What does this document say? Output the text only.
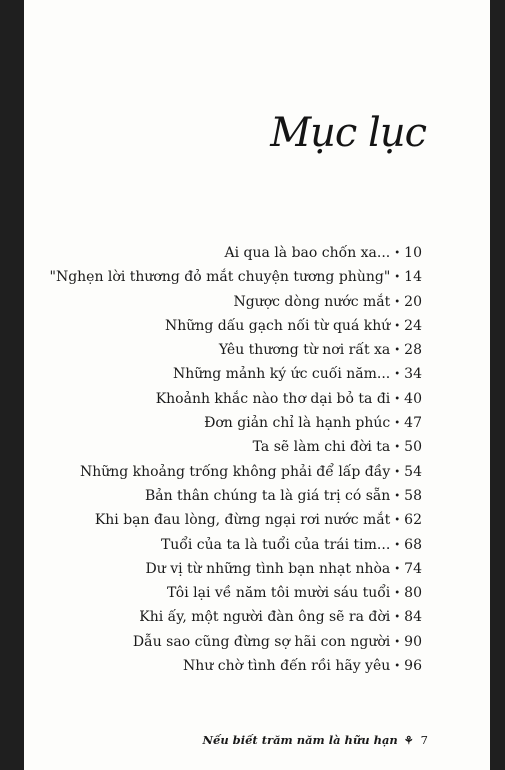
Mục lục
Ai qua là bao chốn xa... • 10
"Nghẹn lời thương đỏ mắt chuyện tương phùng" • 14
Ngược dòng nước mắt • 20
Những dấu gạch nối từ quá khứ • 24
Yêu thương từ nơi rất xa • 28
Những mảnh ký ức cuối năm... • 34
Khoảnh khắc nào thơ dại bỏ ta đi • 40
Đơn giản chỉ là hạnh phúc • 47
Ta sẽ làm chi đời ta • 50
Những khoảng trống không phải để lấp đầy • 54
Bản thân chúng ta là giá trị có sẵn • 58
Khi bạn đau lòng, đừng ngại rơi nước mắt • 62
Tuổi của ta là tuổi của trái tim... • 68
Dư vị từ những tình bạn nhạt nhòa • 74
Tôi lại về năm tôi mười sáu tuổi • 80
Khi ấy, một người đàn ông sẽ ra đời • 84
Dẫu sao cũng đừng sợ hãi con người • 90
Như chờ tình đến rồi hãy yêu • 96
Nếu biết trăm năm là hữu hạn ⚘ 7
